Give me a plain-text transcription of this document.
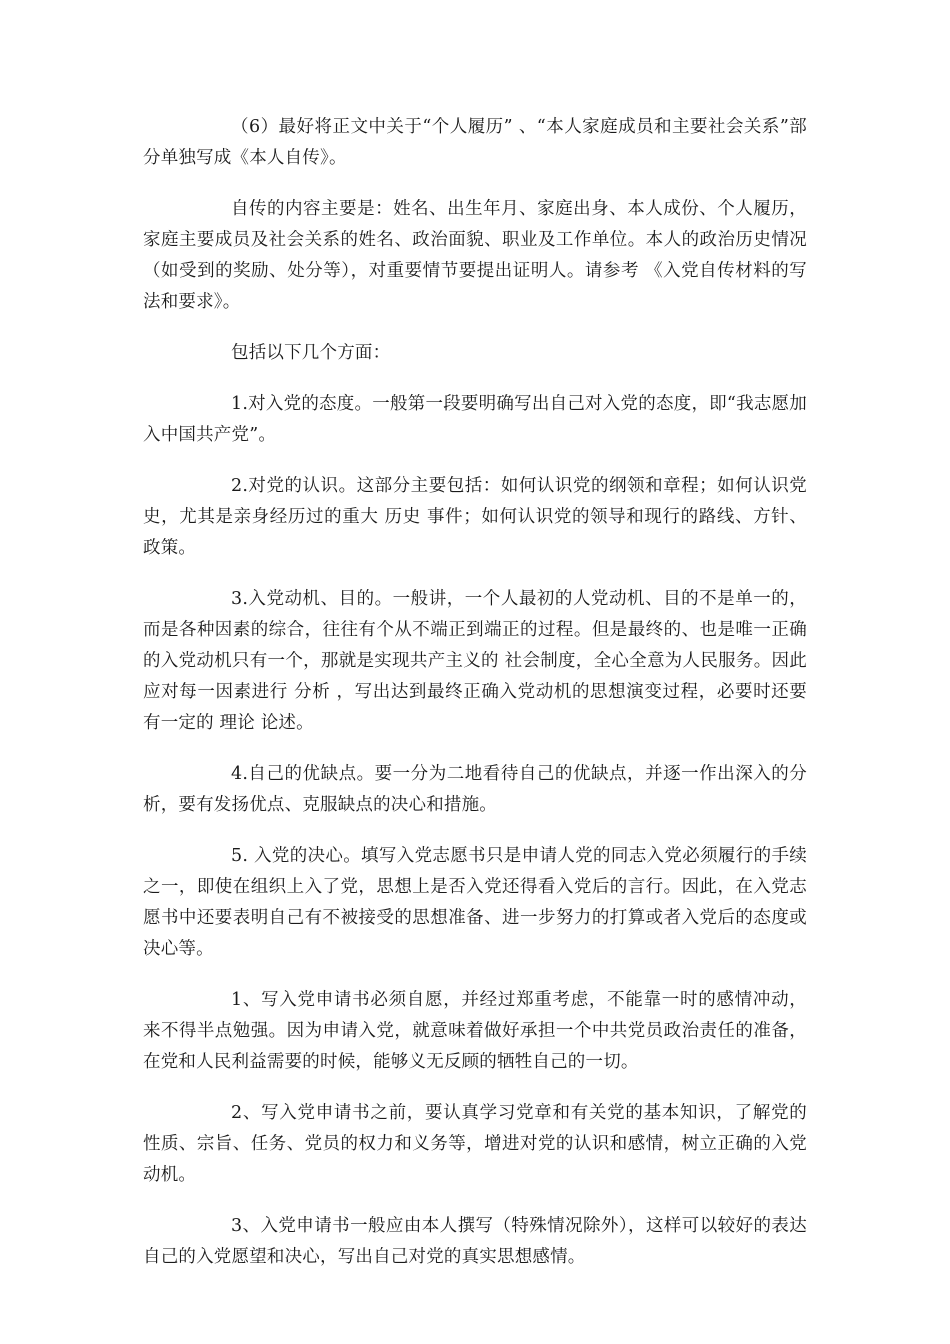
（6）最好将正文中关于“个人履历” 、“本人家庭成员和主要社会关系”部分单独写成《本人自传》。

自传的内容主要是：姓名、出生年月、家庭出身、本人成份、个人履历，家庭主要成员及社会关系的姓名、政治面貌、职业及工作单位。本人的政治历史情况（如受到的奖励、处分等），对重要情节要提出证明人。请参考 《入党自传材料的写法和要求》。

包括以下几个方面：

1.对入党的态度。一般第一段要明确写出自己对入党的态度，即“我志愿加入中国共产党”。

2.对党的认识。这部分主要包括：如何认识党的纲领和章程；如何认识党史，尤其是亲身经历过的重大 历史 事件；如何认识党的领导和现行的路线、方针、政策。

3.入党动机、目的。一般讲，一个人最初的人党动机、目的不是单一的，而是各种因素的综合，往往有个从不端正到端正的过程。但是最终的、也是唯一正确的入党动机只有一个，那就是实现共产主义的 社会制度，全心全意为人民服务。因此应对每一因素进行 分析 ，写出达到最终正确入党动机的思想演变过程，必要时还要有一定的 理论 论述。

4.自己的优缺点。要一分为二地看待自己的优缺点，并逐一作出深入的分析，要有发扬优点、克服缺点的决心和措施。

5. 入党的决心。填写入党志愿书只是申请人党的同志入党必须履行的手续之一，即使在组织上入了党，思想上是否入党还得看入党后的言行。因此，在入党志愿书中还要表明自己有不被接受的思想准备、进一步努力的打算或者入党后的态度或决心等。

1、写入党申请书必须自愿，并经过郑重考虑，不能靠一时的感情冲动，来不得半点勉强。因为申请入党，就意味着做好承担一个中共党员政治责任的准备，在党和人民利益需要的时候，能够义无反顾的牺牲自己的一切。

2、写入党申请书之前，要认真学习党章和有关党的基本知识，了解党的性质、宗旨、任务、党员的权力和义务等，增进对党的认识和感情，树立正确的入党动机。

3、入党申请书一般应由本人撰写（特殊情况除外），这样可以较好的表达自己的入党愿望和决心，写出自己对党的真实思想感情。
